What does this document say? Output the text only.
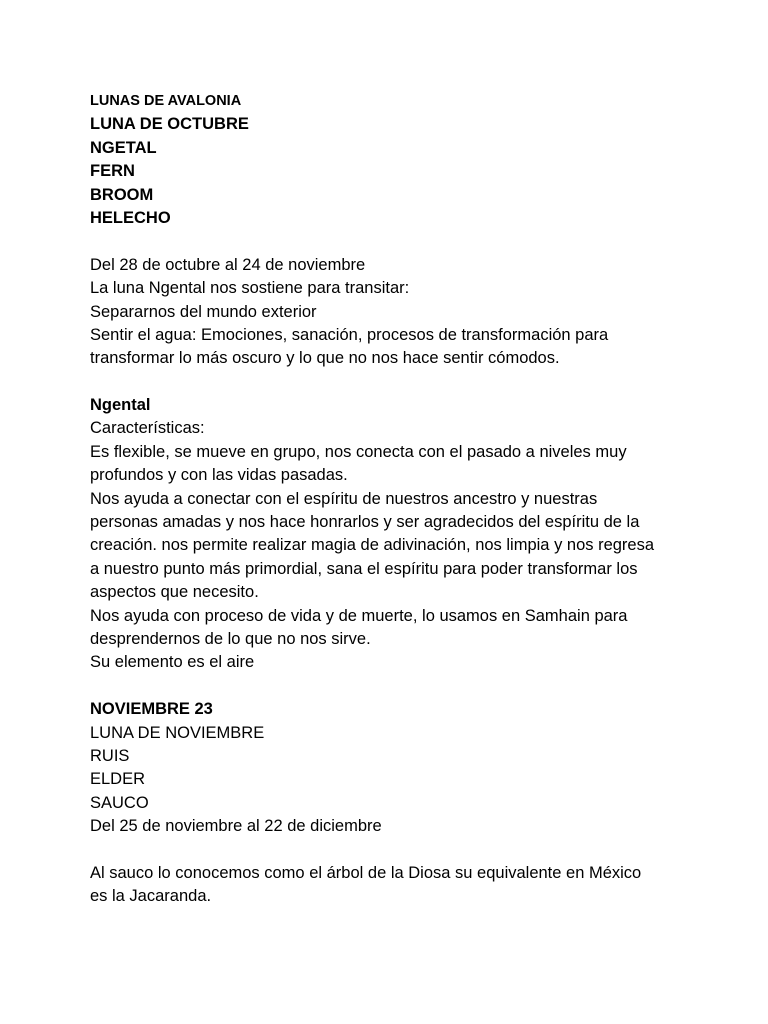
LUNAS DE AVALONIA
LUNA DE OCTUBRE
NGETAL
FERN
BROOM
HELECHO
Del 28 de octubre al 24 de noviembre
La luna Ngental nos sostiene para transitar:
Separarnos del mundo exterior
Sentir el agua: Emociones, sanación, procesos de transformación para
transformar lo más oscuro y lo que no nos hace sentir cómodos.
Ngental
Características:
Es flexible, se mueve en grupo, nos conecta con el pasado a niveles muy
profundos y con las vidas pasadas.
Nos ayuda a conectar con el espíritu de nuestros ancestro y nuestras
personas amadas y nos hace honrarlos y ser agradecidos del espíritu de la
creación. nos permite realizar magia de adivinación, nos limpia y nos regresa
a nuestro punto más primordial, sana el espíritu para poder transformar los
aspectos que necesito.
Nos ayuda con proceso de vida y de muerte, lo usamos en Samhain para
desprendernos de lo que no nos sirve.
Su elemento es el aire
NOVIEMBRE 23
LUNA DE NOVIEMBRE
RUIS
ELDER
SAUCO
Del 25 de noviembre al 22 de diciembre
Al sauco lo conocemos como el árbol de la Diosa su equivalente en México
es la Jacaranda.
